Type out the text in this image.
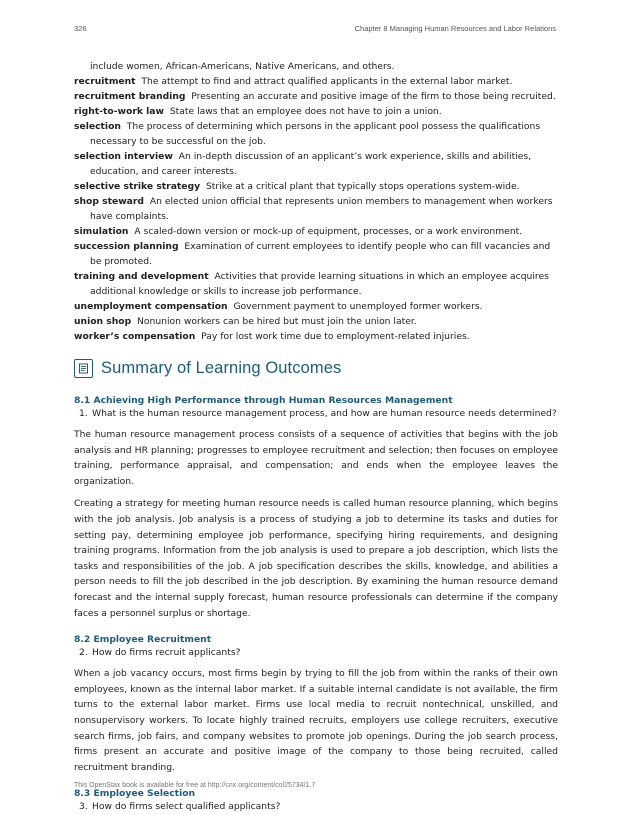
326	Chapter 8 Managing Human Resources and Labor Relations
include women, African-Americans, Native Americans, and others.
recruitment The attempt to find and attract qualified applicants in the external labor market.
recruitment branding Presenting an accurate and positive image of the firm to those being recruited.
right-to-work law State laws that an employee does not have to join a union.
selection The process of determining which persons in the applicant pool possess the qualifications necessary to be successful on the job.
selection interview An in-depth discussion of an applicant’s work experience, skills and abilities, education, and career interests.
selective strike strategy Strike at a critical plant that typically stops operations system-wide.
shop steward An elected union official that represents union members to management when workers have complaints.
simulation A scaled-down version or mock-up of equipment, processes, or a work environment.
succession planning Examination of current employees to identify people who can fill vacancies and be promoted.
training and development Activities that provide learning situations in which an employee acquires additional knowledge or skills to increase job performance.
unemployment compensation Government payment to unemployed former workers.
union shop Nonunion workers can be hired but must join the union later.
worker’s compensation Pay for lost work time due to employment-related injuries.
Summary of Learning Outcomes
8.1 Achieving High Performance through Human Resources Management
1. What is the human resource management process, and how are human resource needs determined?
The human resource management process consists of a sequence of activities that begins with the job analysis and HR planning; progresses to employee recruitment and selection; then focuses on employee training, performance appraisal, and compensation; and ends when the employee leaves the organization.
Creating a strategy for meeting human resource needs is called human resource planning, which begins with the job analysis. Job analysis is a process of studying a job to determine its tasks and duties for setting pay, determining employee job performance, specifying hiring requirements, and designing training programs. Information from the job analysis is used to prepare a job description, which lists the tasks and responsibilities of the job. A job specification describes the skills, knowledge, and abilities a person needs to fill the job described in the job description. By examining the human resource demand forecast and the internal supply forecast, human resource professionals can determine if the company faces a personnel surplus or shortage.
8.2 Employee Recruitment
2. How do firms recruit applicants?
When a job vacancy occurs, most firms begin by trying to fill the job from within the ranks of their own employees, known as the internal labor market. If a suitable internal candidate is not available, the firm turns to the external labor market. Firms use local media to recruit nontechnical, unskilled, and nonsupervisory workers. To locate highly trained recruits, employers use college recruiters, executive search firms, job fairs, and company websites to promote job openings. During the job search process, firms present an accurate and positive image of the company to those being recruited, called recruitment branding.
8.3 Employee Selection
3. How do firms select qualified applicants?
This OpenStax book is available for free at http://cnx.org/content/col25734/1.7
